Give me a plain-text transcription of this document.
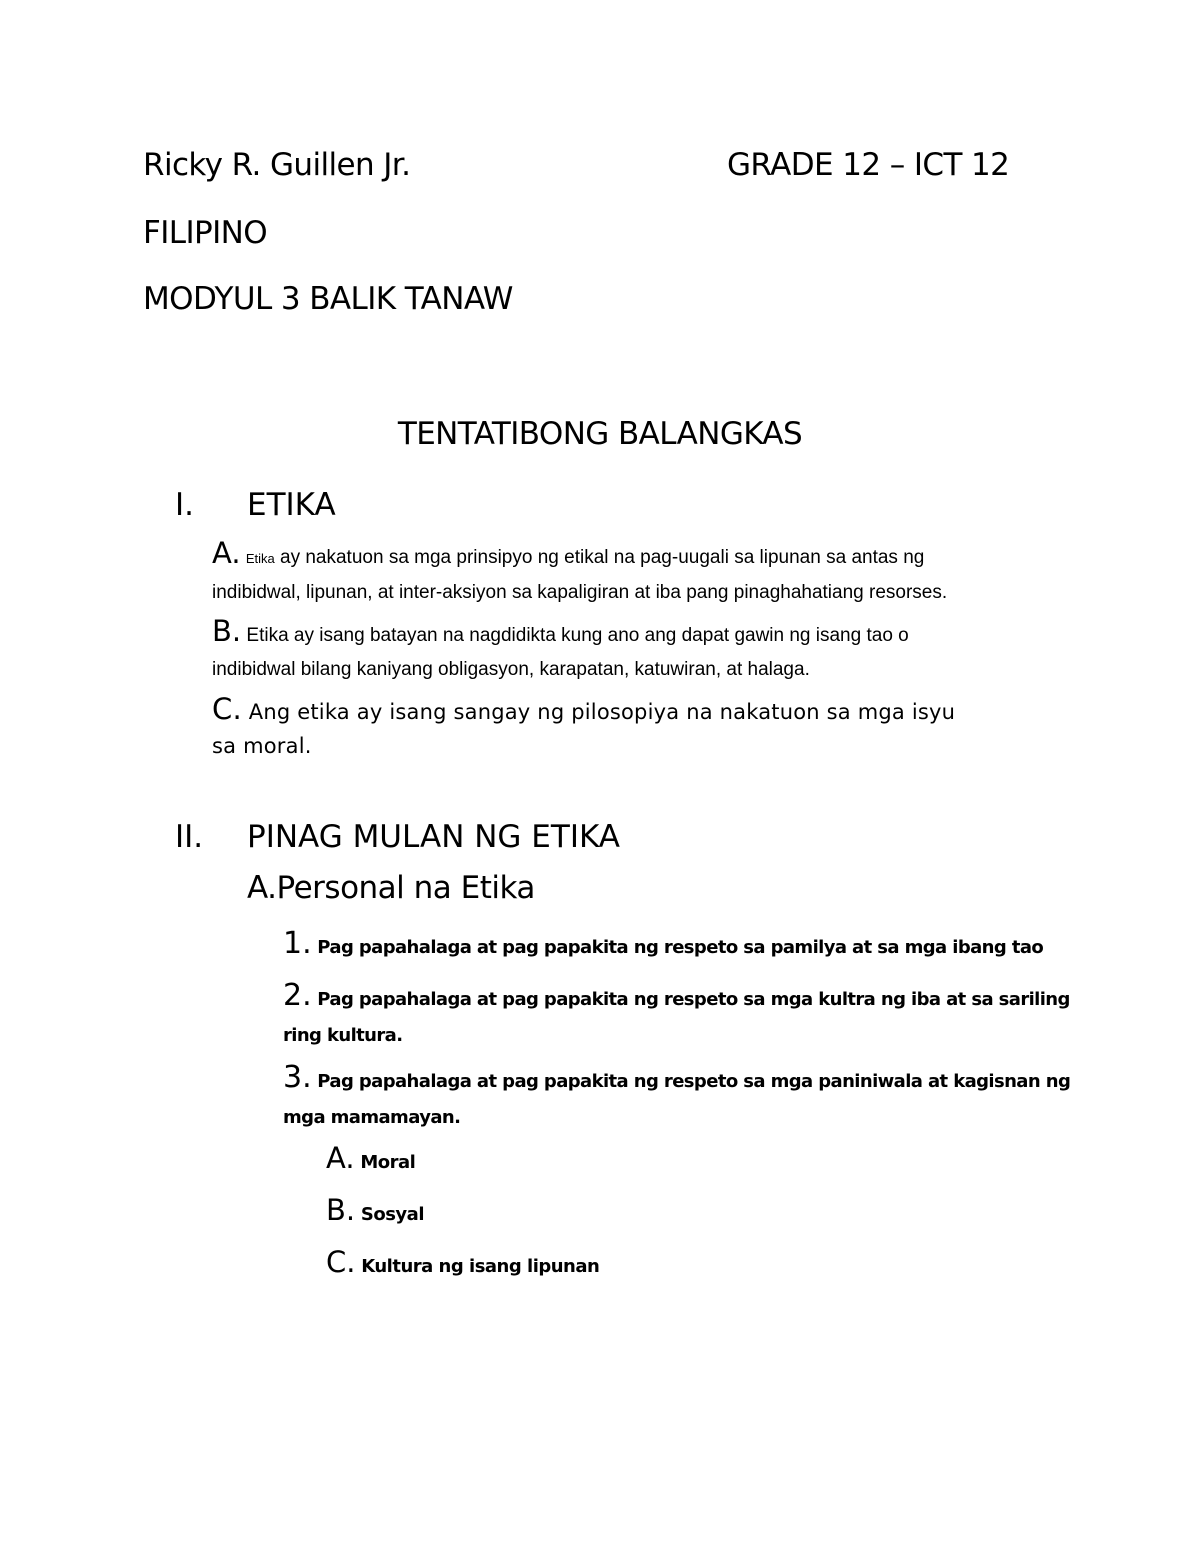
Ricky R. Guillen Jr.	GRADE 12 – ICT 12
FILIPINO
MODYUL 3 BALIK TANAW
TENTATIBONG BALANGKAS
I. ETIKA
A. Etika ay nakatuon sa mga prinsipyo ng etikal na pag-uugali sa lipunan sa antas ng
indibidwal, lipunan, at inter-aksiyon sa kapaligiran at iba pang pinaghahatiang resorses.
B. Etika ay isang batayan na nagdidikta kung ano ang dapat gawin ng isang tao o
indibidwal bilang kaniyang obligasyon, karapatan, katuwiran, at halaga.
C. Ang etika ay isang sangay ng pilosopiya na nakatuon sa mga isyu
sa moral.
II. PINAG MULAN NG ETIKA
A.Personal na Etika
1. Pag papahalaga at pag papakita ng respeto sa pamilya at sa mga ibang tao
2. Pag papahalaga at pag papakita ng respeto sa mga kultra ng iba at sa sariling
ring kultura.
3. Pag papahalaga at pag papakita ng respeto sa mga paniniwala at kagisnan ng
mga mamamayan.
A. Moral
B. Sosyal
C. Kultura ng isang lipunan
